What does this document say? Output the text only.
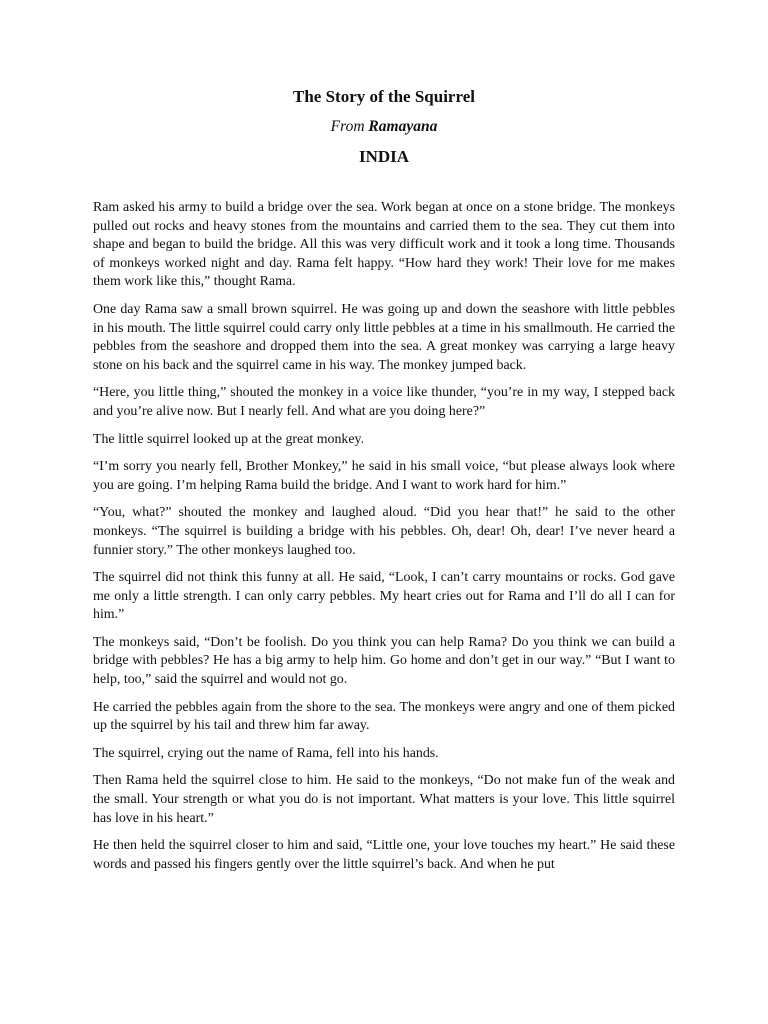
The Story of the Squirrel
From Ramayana
INDIA

Ram asked his army to build a bridge over the sea. Work began at once on a stone bridge. The monkeys pulled out rocks and heavy stones from the mountains and carried them to the sea. They cut them into shape and began to build the bridge. All this was very difficult work and it took a long time. Thousands of monkeys worked night and day. Rama felt happy. “How hard they work! Their love for me makes them work like this,” thought Rama.

One day Rama saw a small brown squirrel. He was going up and down the seashore with little pebbles in his mouth. The little squirrel could carry only little pebbles at a time in his smallmouth. He carried the pebbles from the seashore and dropped them into the sea. A great monkey was carrying a large heavy stone on his back and the squirrel came in his way. The monkey jumped back.

“Here, you little thing,” shouted the monkey in a voice like thunder, “you’re in my way, I stepped back and you’re alive now. But I nearly fell. And what are you doing here?”

The little squirrel looked up at the great monkey.

“I’m sorry you nearly fell, Brother Monkey,” he said in his small voice, “but please always look where you are going. I’m helping Rama build the bridge. And I want to work hard for him.”

“You, what?” shouted the monkey and laughed aloud. “Did you hear that!” he said to the other monkeys. “The squirrel is building a bridge with his pebbles. Oh, dear! Oh, dear! I’ve never heard a funnier story.” The other monkeys laughed too.

The squirrel did not think this funny at all. He said, “Look, I can’t carry mountains or rocks. God gave me only a little strength. I can only carry pebbles. My heart cries out for Rama and I’ll do all I can for him.”

The monkeys said, “Don’t be foolish. Do you think you can help Rama? Do you think we can build a bridge with pebbles? He has a big army to help him. Go home and don’t get in our way.” “But I want to help, too,” said the squirrel and would not go.

He carried the pebbles again from the shore to the sea. The monkeys were angry and one of them picked up the squirrel by his tail and threw him far away.

The squirrel, crying out the name of Rama, fell into his hands.

Then Rama held the squirrel close to him. He said to the monkeys, “Do not make fun of the weak and the small. Your strength or what you do is not important. What matters is your love. This little squirrel has love in his heart.”

He then held the squirrel closer to him and said, “Little one, your love touches my heart.” He said these words and passed his fingers gently over the little squirrel’s back. And when he put
